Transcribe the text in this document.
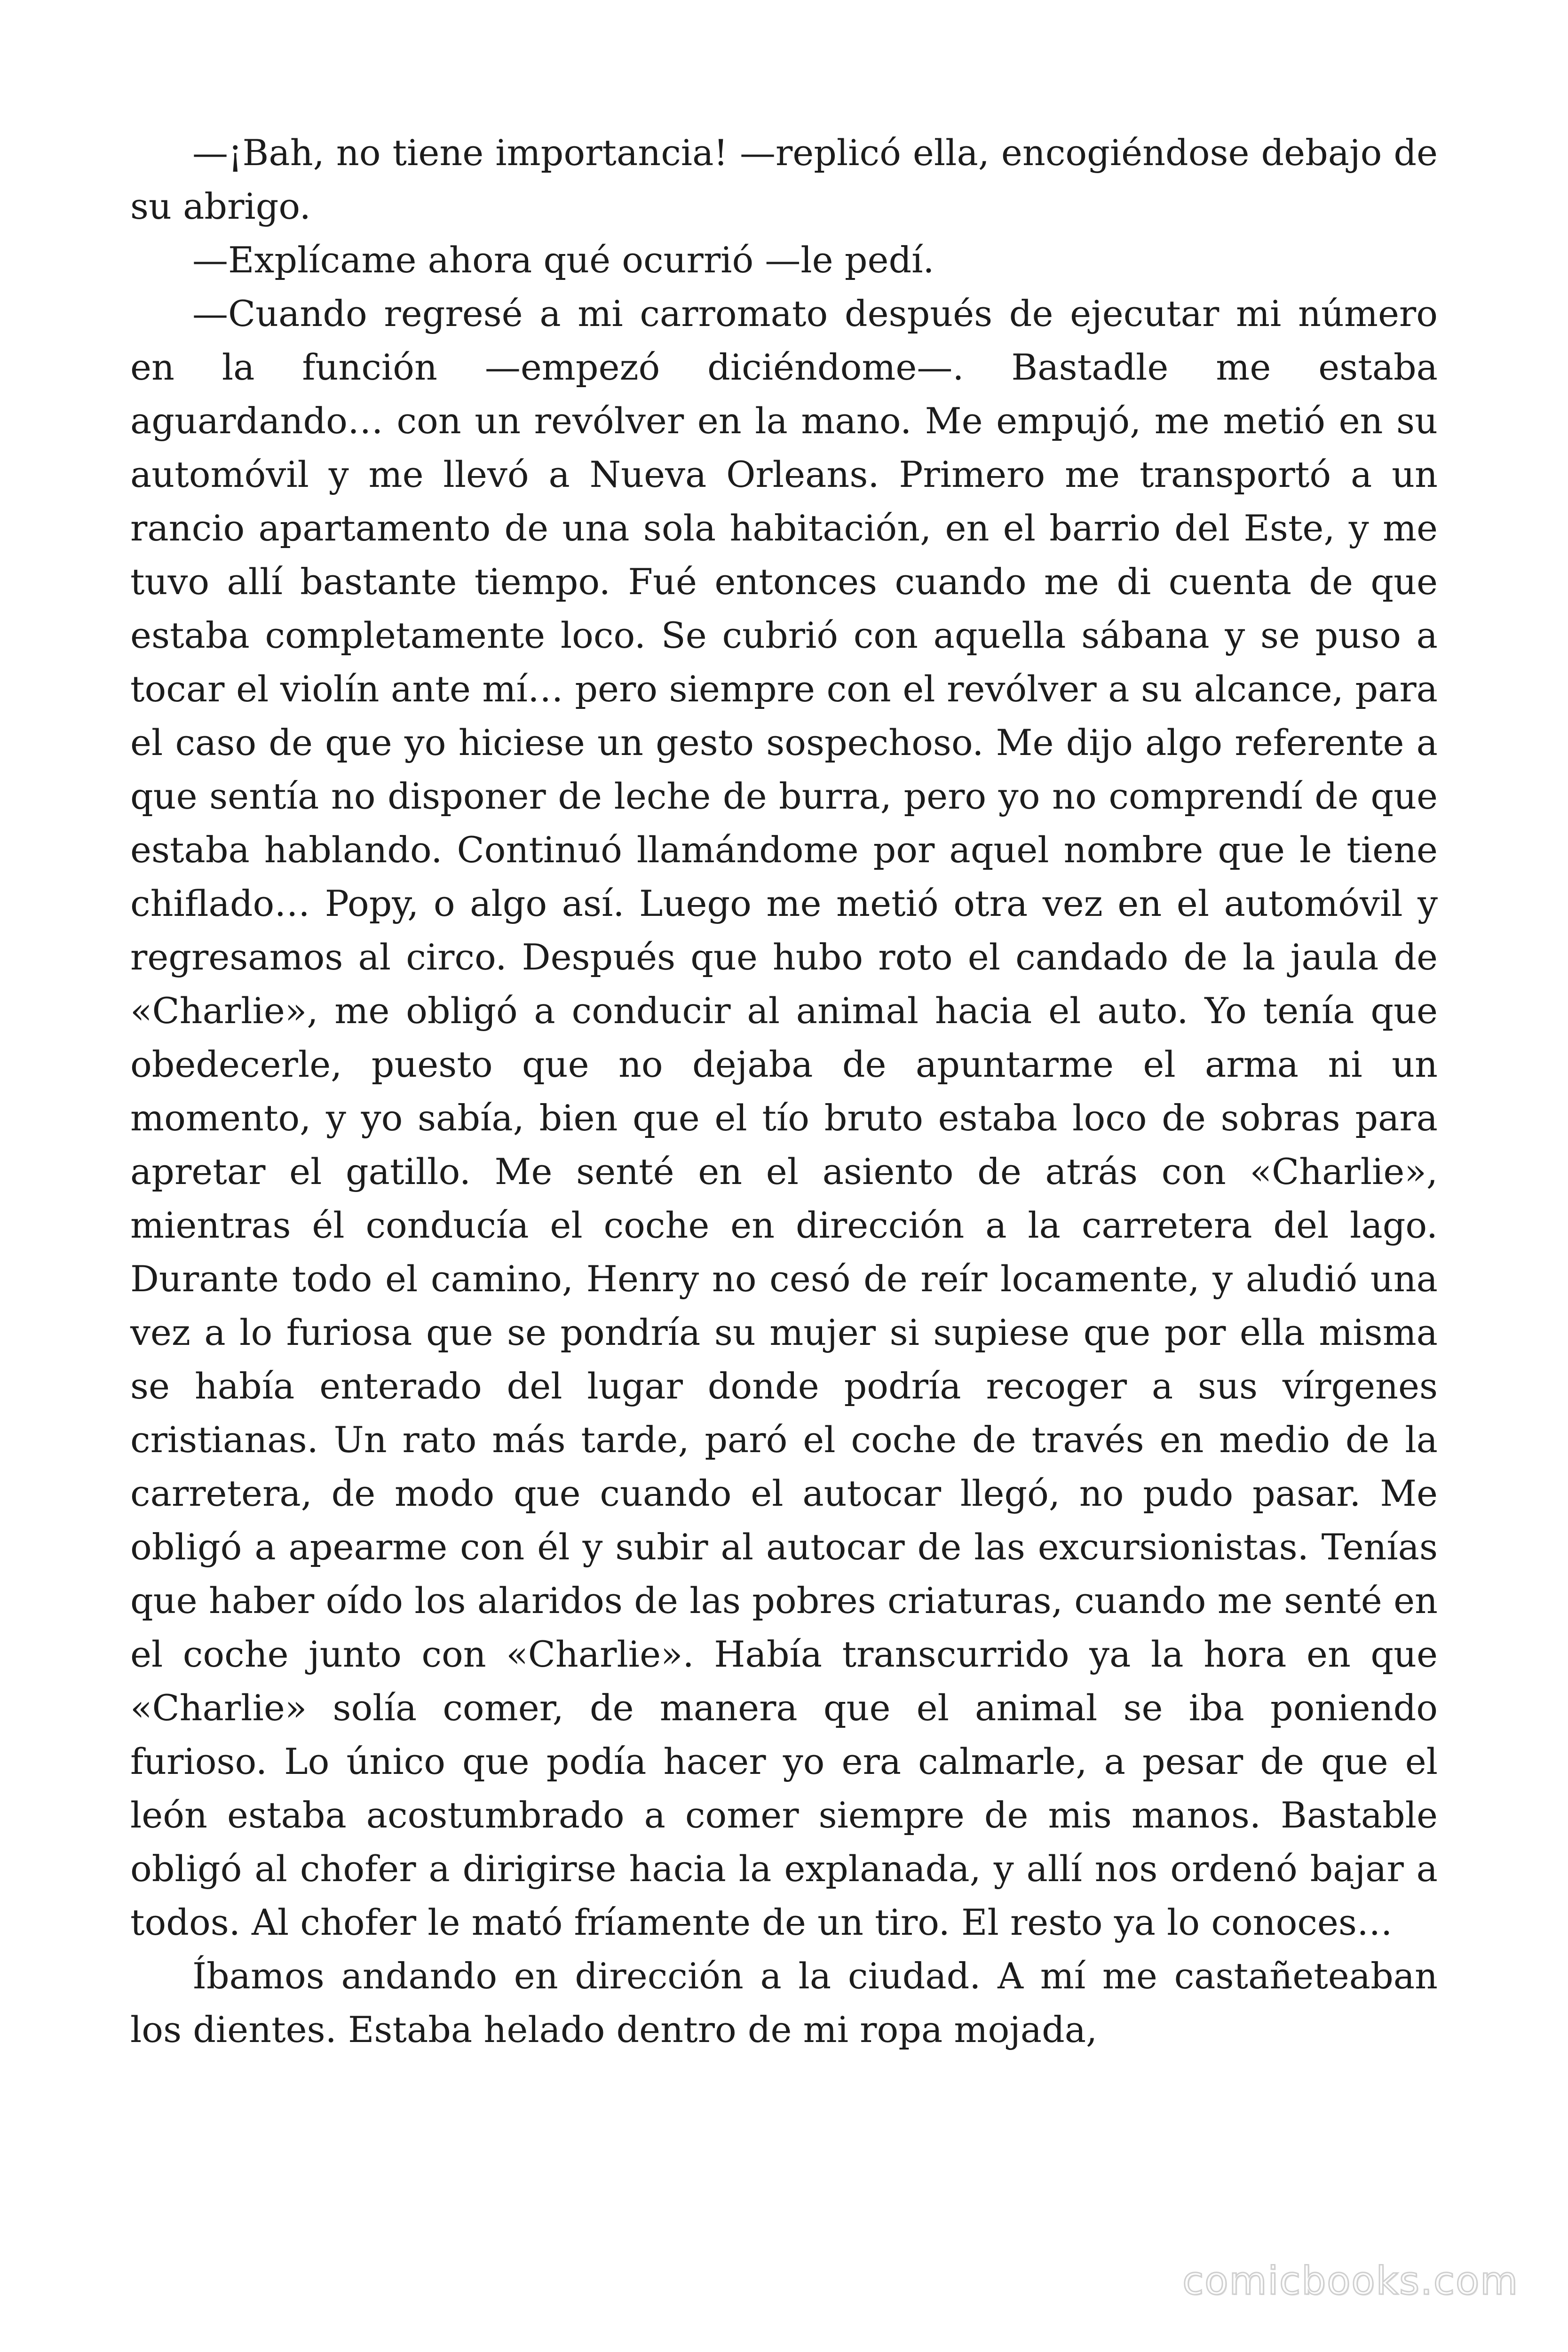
—¡Bah, no tiene importancia! —replicó ella, encogiéndose debajo de su abrigo.

—Explícame ahora qué ocurrió —le pedí.

—Cuando regresé a mi carromato después de ejecutar mi número en la función —empezó diciéndome—. Bastadle me estaba aguardando… con un revólver en la mano. Me empujó, me metió en su automóvil y me llevó a Nueva Orleans. Primero me transportó a un rancio apartamento de una sola habitación, en el barrio del Este, y me tuvo allí bastante tiempo. Fué entonces cuando me di cuenta de que estaba completamente loco. Se cubrió con aquella sábana y se puso a tocar el violín ante mí… pero siempre con el revólver a su alcance, para el caso de que yo hiciese un gesto sospechoso. Me dijo algo referente a que sentía no disponer de leche de burra, pero yo no comprendí de que estaba hablando. Continuó llamándome por aquel nombre que le tiene chiflado… Popy, o algo así. Luego me metió otra vez en el automóvil y regresamos al circo. Después que hubo roto el candado de la jaula de «Charlie», me obligó a conducir al animal hacia el auto. Yo tenía que obedecerle, puesto que no dejaba de apuntarme el arma ni un momento, y yo sabía, bien que el tío bruto estaba loco de sobras para apretar el gatillo. Me senté en el asiento de atrás con «Charlie», mientras él conducía el coche en dirección a la carretera del lago. Durante todo el camino, Henry no cesó de reír locamente, y aludió una vez a lo furiosa que se pondría su mujer si supiese que por ella misma se había enterado del lugar donde podría recoger a sus vírgenes cristianas. Un rato más tarde, paró el coche de través en medio de la carretera, de modo que cuando el autocar llegó, no pudo pasar. Me obligó a apearme con él y subir al autocar de las excursionistas. Tenías que haber oído los alaridos de las pobres criaturas, cuando me senté en el coche junto con «Charlie». Había transcurrido ya la hora en que «Charlie» solía comer, de manera que el animal se iba poniendo furioso. Lo único que podía hacer yo era calmarle, a pesar de que el león estaba acostumbrado a comer siempre de mis manos. Bastable obligó al chofer a dirigirse hacia la explanada, y allí nos ordenó bajar a todos. Al chofer le mató fríamente de un tiro. El resto ya lo conoces…

Íbamos andando en dirección a la ciudad. A mí me castañeteaban los dientes. Estaba helado dentro de mi ropa mojada,

comicbooks.com
